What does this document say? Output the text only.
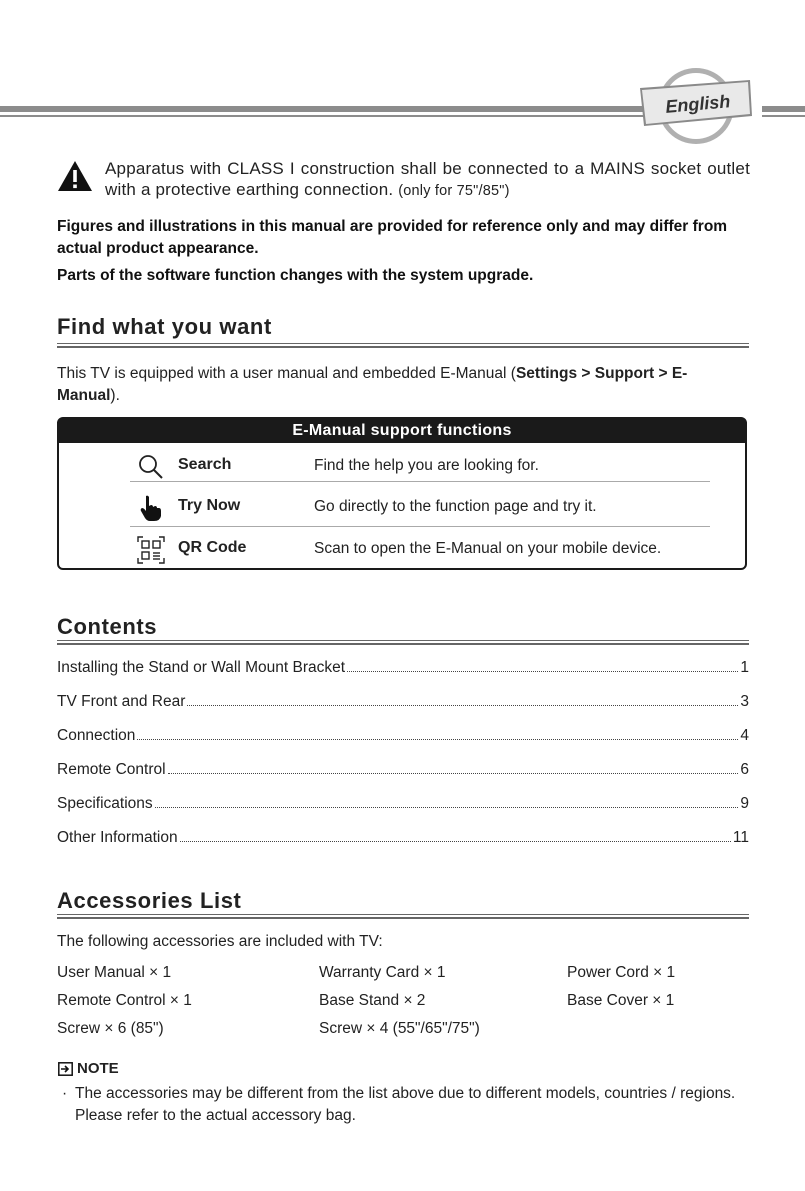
English
Apparatus with CLASS I construction shall be connected to a MAINS socket outlet with a protective earthing connection. (only for 75"/85")
Figures and illustrations in this manual are provided for reference only and may differ from actual product appearance.
Parts of the software function changes with the system upgrade.
Find what you want
This TV is equipped with a user manual and embedded E-Manual (Settings > Support > E-Manual).
E-Manual support functions
Search	Find the help you are looking for.
Try Now	Go directly to the function page and try it.
QR Code	Scan to open the E-Manual on your mobile device.
Contents
Installing the Stand or Wall Mount Bracket	1
TV Front and Rear	3
Connection	4
Remote Control	6
Specifications	9
Other Information	11
Accessories List
The following accessories are included with TV:
User Manual × 1	Warranty Card × 1	Power Cord × 1
Remote Control × 1	Base Stand × 2	Base Cover × 1
Screw × 6 (85")	Screw × 4 (55"/65"/75")
NOTE
· The accessories may be different from the list above due to different models, countries / regions. Please refer to the actual accessory bag.
